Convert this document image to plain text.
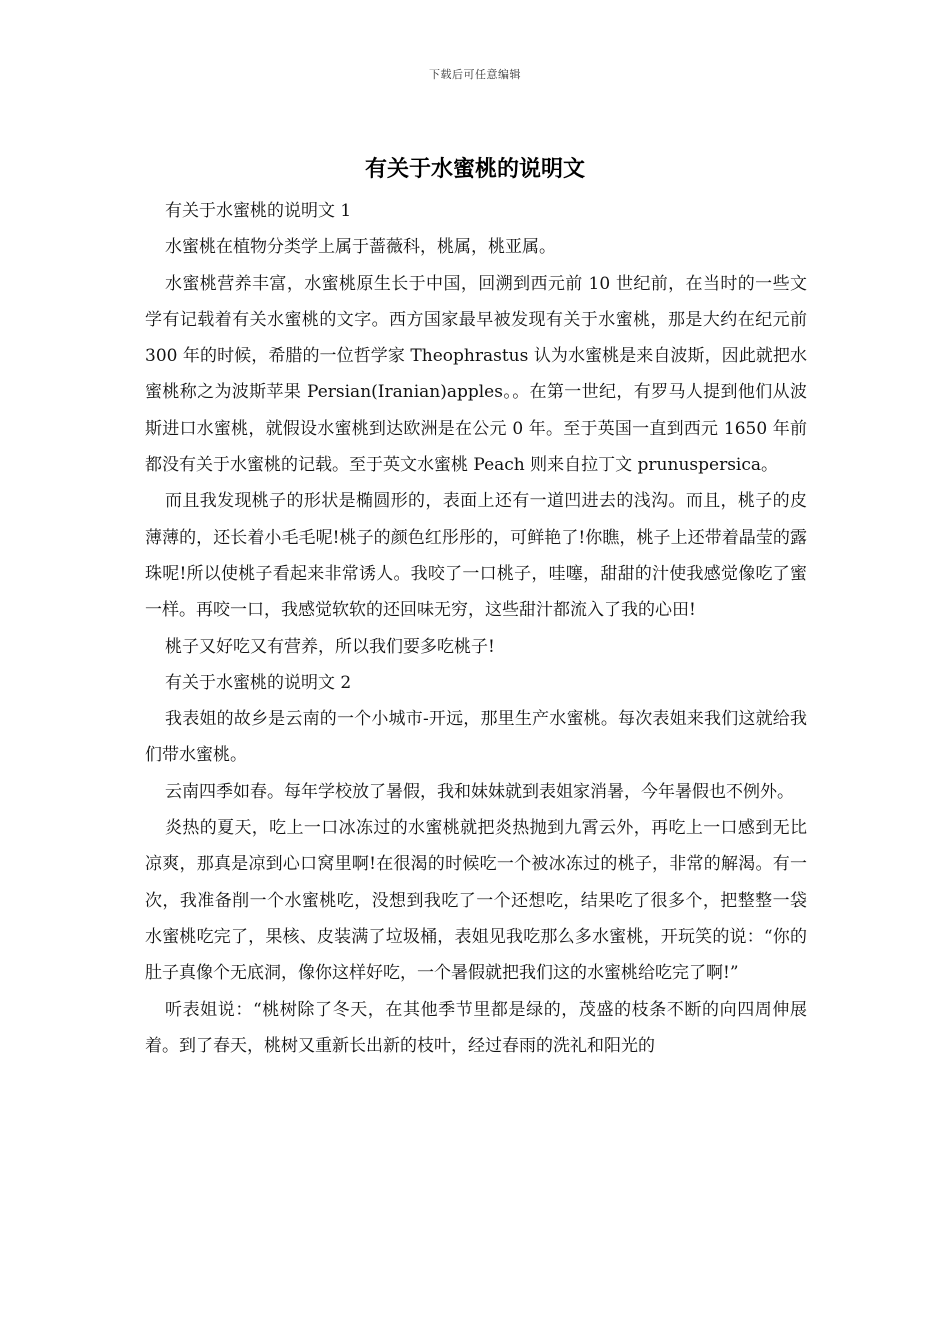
下载后可任意编辑
有关于水蜜桃的说明文

有关于水蜜桃的说明文 1

水蜜桃在植物分类学上属于蔷薇科，桃属，桃亚属。

水蜜桃营养丰富，水蜜桃原生长于中国，回溯到西元前 10 世纪前，在当时的一些文学有记载着有关水蜜桃的文字。西方国家最早被发现有关于水蜜桃，那是大约在纪元前 300 年的时候，希腊的一位哲学家 Theophrastus 认为水蜜桃是来自波斯，因此就把水蜜桃称之为波斯苹果 Persian(Iranian)apples。。在第一世纪，有罗马人提到他们从波斯进口水蜜桃，就假设水蜜桃到达欧洲是在公元 0 年。至于英国一直到西元 1650 年前都没有关于水蜜桃的记载。至于英文水蜜桃 Peach 则来自拉丁文 prunuspersica。

而且我发现桃子的形状是椭圆形的，表面上还有一道凹进去的浅沟。而且，桃子的皮薄薄的，还长着小毛毛呢!桃子的颜色红彤彤的，可鲜艳了!你瞧，桃子上还带着晶莹的露珠呢!所以使桃子看起来非常诱人。我咬了一口桃子，哇噻，甜甜的汁使我感觉像吃了蜜一样。再咬一口，我感觉软软的还回味无穷，这些甜汁都流入了我的心田!

桃子又好吃又有营养，所以我们要多吃桃子!

有关于水蜜桃的说明文 2

我表姐的故乡是云南的一个小城市-开远，那里生产水蜜桃。每次表姐来我们这就给我们带水蜜桃。

云南四季如春。每年学校放了暑假，我和妹妹就到表姐家消暑，今年暑假也不例外。

炎热的夏天，吃上一口冰冻过的水蜜桃就把炎热抛到九霄云外，再吃上一口感到无比凉爽，那真是凉到心口窝里啊!在很渴的时候吃一个被冰冻过的桃子，非常的解渴。有一次，我准备削一个水蜜桃吃，没想到我吃了一个还想吃，结果吃了很多个，把整整一袋水蜜桃吃完了，果核、皮装满了垃圾桶，表姐见我吃那么多水蜜桃，开玩笑的说：“你的肚子真像个无底洞，像你这样好吃，一个暑假就把我们这的水蜜桃给吃完了啊!”

听表姐说：“桃树除了冬天，在其他季节里都是绿的，茂盛的枝条不断的向四周伸展着。到了春天，桃树又重新长出新的枝叶，经过春雨的洗礼和阳光的
